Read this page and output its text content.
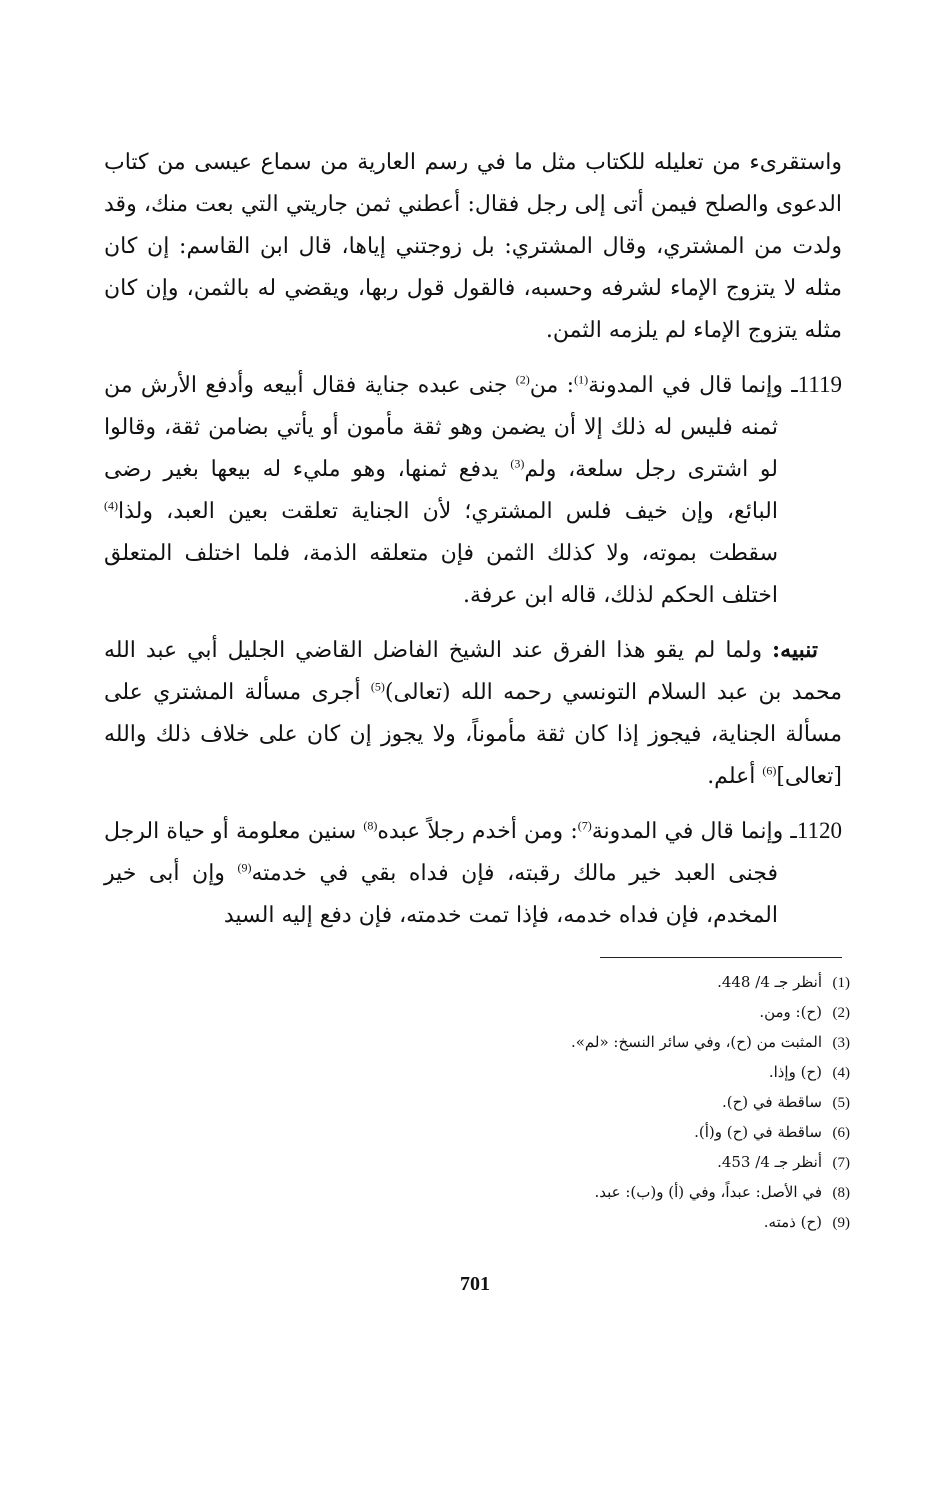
واستقرىء من تعليله للكتاب مثل ما في رسم العارية من سماع عيسى من كتاب الدعوى والصلح فيمن أتى إلى رجل فقال: أعطني ثمن جاريتي التي بعت منك، وقد ولدت من المشتري، وقال المشتري: بل زوجتني إياها، قال ابن القاسم: إن كان مثله لا يتزوج الإماء لشرفه وحسبه، فالقول قول ربها، ويقضي له بالثمن، وإن كان مثله يتزوج الإماء لم يلزمه الثمن.

1119ـ وإنما قال في المدونة$^{(1)}$: من$^{(2)}$ جنى عبده جناية فقال أبيعه وأدفع الأرش من ثمنه فليس له ذلك إلا أن يضمن وهو ثقة مأمون أو يأتي بضامن ثقة، وقالوا لو اشترى رجل سلعة، ولم$^{(3)}$ يدفع ثمنها، وهو مليء له بيعها بغير رضى البائع، وإن خيف فلس المشتري؛ لأن الجناية تعلقت بعين العبد، ولذا$^{(4)}$ سقطت بموته، ولا كذلك الثمن فإن متعلقه الذمة، فلما اختلف المتعلق اختلف الحكم لذلك، قاله ابن عرفة.

تنبيه: ولما لم يقو هذا الفرق عند الشيخ الفاضل القاضي الجليل أبي عبد الله محمد بن عبد السلام التونسي رحمه الله (تعالى)$^{(5)}$ أجرى مسألة المشتري على مسألة الجناية، فيجوز إذا كان ثقة مأموناً، ولا يجوز إن كان على خلاف ذلك والله [تعالى]$^{(6)}$ أعلم.

1120ـ وإنما قال في المدونة$^{(7)}$: ومن أخدم رجلاً عبده$^{(8)}$ سنين معلومة أو حياة الرجل فجنى العبد خير مالك رقبته، فإن فداه بقي في خدمته$^{(9)}$ وإن أبى خير المخدم، فإن فداه خدمه، فإذا تمت خدمته، فإن دفع إليه السيد

(1)أنظر جـ 4/ 448.
(2)(ح): ومن.
(3)المثبت من (ح)، وفي سائر النسخ: «لم».
(4)(ح) وإذا.
(5)ساقطة في (ح).
(6)ساقطة في (ح) و(أ).
(7)أنظر جـ 4/ 453.
(8)في الأصل: عبداً، وفي (أ) و(ب): عبد.
(9)(ح) ذمته.
701
